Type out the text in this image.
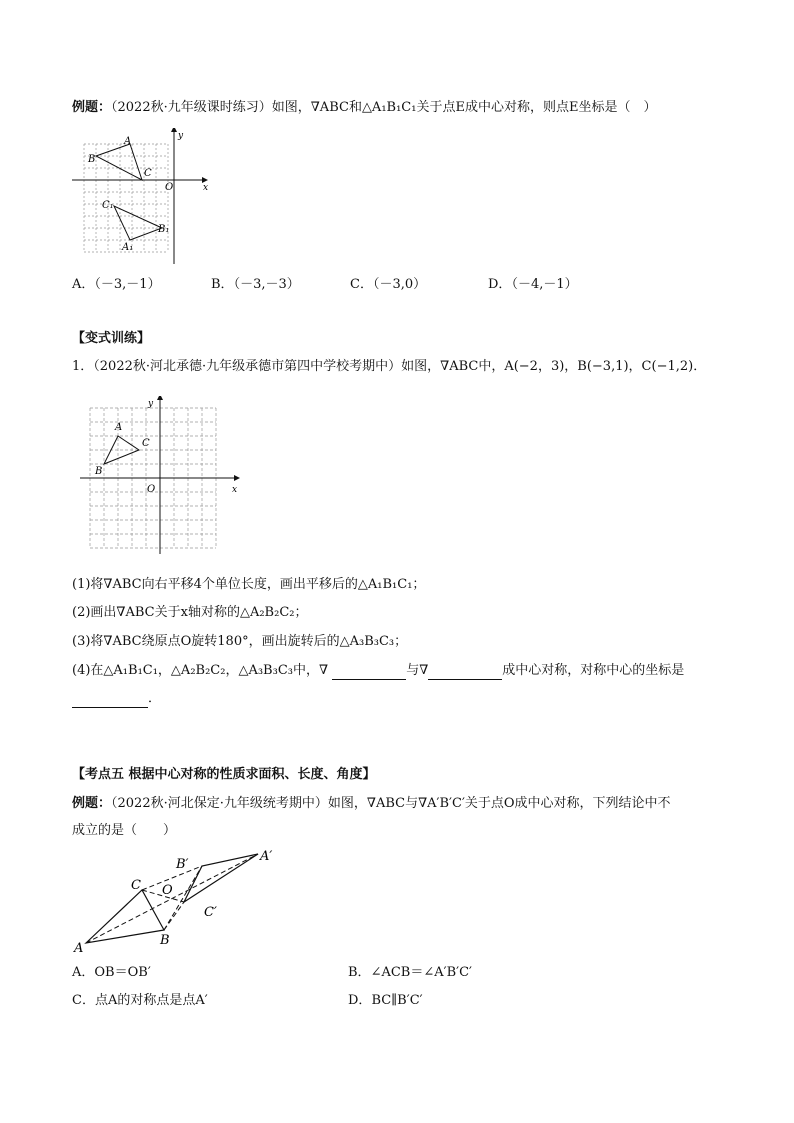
例题：（2022秋·九年级课时练习）如图，∇ABC和△A₁B₁C₁关于点E成中心对称，则点E坐标是（　）
A
B
C
O	x
y
C₁
B₁
A₁
A．（－3,－1）	B．（－3,－3）	C．（－3,0）	D．（－4,－1）
【变式训练】
1．（2022秋·河北承德·九年级承德市第四中学校考期中）如图，∇ABC中，A(−2，3)，B(−3,1)，C(−1,2)．
A
B
C
O	x
y
(1)将∇ABC向右平移4个单位长度，画出平移后的△A₁B₁C₁；
(2)画出∇ABC关于x轴对称的△A₂B₂C₂；
(3)将∇ABC绕原点O旋转180°，画出旋转后的△A₃B₃C₃；
(4)在△A₁B₁C₁，△A₂B₂C₂，△A₃B₃C₃中，∇	与∇	成中心对称，对称中心的坐标是
．
【考点五 根据中心对称的性质求面积、长度、角度】
例题：（2022秋·河北保定·九年级统考期中）如图，∇ABC与∇A′B′C′关于点O成中心对称，下列结论中不
成立的是（　　）
A
C
B
O
A′
B′
C′
A．OB＝OB′	B．∠ACB＝∠A′B′C′
C．点A的对称点是点A′	D．BC∥B′C′
